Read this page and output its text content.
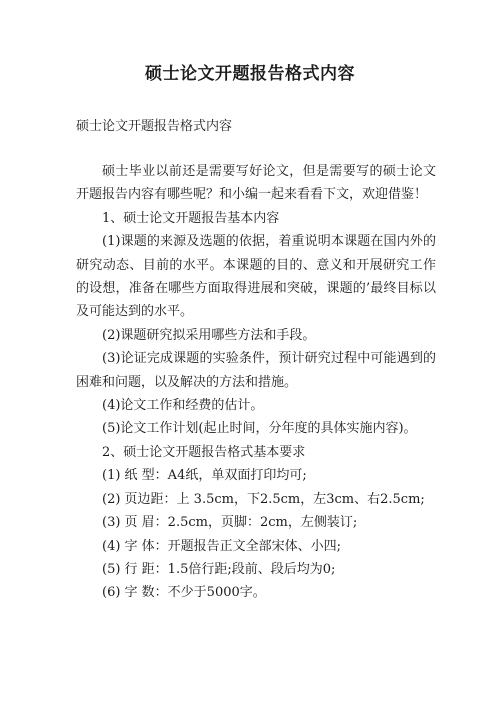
硕士论文开题报告格式内容
硕士论文开题报告格式内容

硕士毕业以前还是需要写好论文，但是需要写的硕士论文开题报告内容有哪些呢？和小编一起来看看下文，欢迎借鉴！

1、硕士论文开题报告基本内容

(1)课题的来源及选题的依据，着重说明本课题在国内外的研究动态、目前的水平。本课题的目的、意义和开展研究工作的设想，准备在哪些方面取得进展和突破，课题的’最终目标以及可能达到的水平。

(2)课题研究拟采用哪些方法和手段。

(3)论证完成课题的实验条件，预计研究过程中可能遇到的困难和问题，以及解决的方法和措施。

(4)论文工作和经费的估计。

(5)论文工作计划(起止时间，分年度的具体实施内容)。

2、硕士论文开题报告格式基本要求

(1) 纸 型：A4纸，单双面打印均可;

(2) 页边距：上 3.5cm，下2.5cm，左3cm、右2.5cm;

(3) 页 眉：2.5cm，页脚：2cm，左侧装订;

(4) 字 体：开题报告正文全部宋体、小四;

(5) 行 距：1.5倍行距;段前、段后均为0;

(6) 字 数：不少于5000字。
